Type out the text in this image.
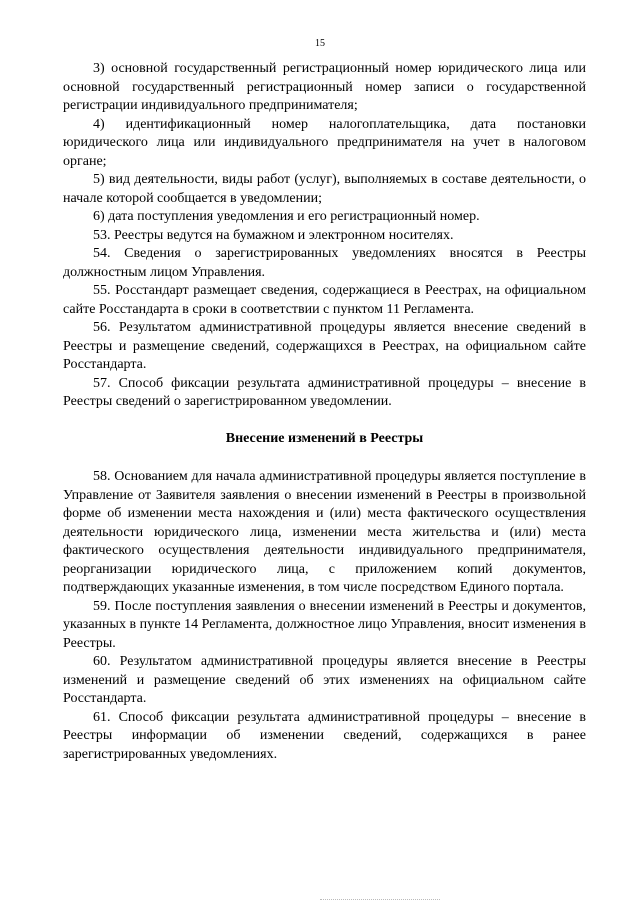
15

3) основной государственный регистрационный номер юридического лица или основной государственный регистрационный номер записи о государственной регистрации индивидуального предпринимателя;

4) идентификационный номер налогоплательщика, дата постановки юридического лица или индивидуального предпринимателя на учет в налоговом органе;

5) вид деятельности, виды работ (услуг), выполняемых в составе деятельности, о начале которой сообщается в уведомлении;

6) дата поступления уведомления и его регистрационный номер.

53. Реестры ведутся на бумажном и электронном носителях.

54. Сведения о зарегистрированных уведомлениях вносятся в Реестры должностным лицом Управления.

55. Росстандарт размещает сведения, содержащиеся в Реестрах, на официальном сайте Росстандарта в сроки в соответствии с пунктом 11 Регламента.

56. Результатом административной процедуры является внесение сведений в Реестры и размещение сведений, содержащихся в Реестрах, на официальном сайте Росстандарта.

57. Способ фиксации результата административной процедуры – внесение в Реестры сведений о зарегистрированном уведомлении.

Внесение изменений в Реестры

58. Основанием для начала административной процедуры является поступление в Управление от Заявителя заявления о внесении изменений в Реестры в произвольной форме об изменении места нахождения и (или) места фактического осуществления деятельности юридического лица, изменении места жительства и (или) места фактического осуществления деятельности индивидуального предпринимателя, реорганизации юридического лица, с приложением копий документов, подтверждающих указанные изменения, в том числе посредством Единого портала.

59. После поступления заявления о внесении изменений в Реестры и документов, указанных в пункте 14 Регламента, должностное лицо Управления, вносит изменения в Реестры.

60. Результатом административной процедуры является внесение в Реестры изменений и размещение сведений об этих изменениях на официальном сайте Росстандарта.

61. Способ фиксации результата административной процедуры – внесение в Реестры информации об изменении сведений, содержащихся в ранее зарегистрированных уведомлениях.
